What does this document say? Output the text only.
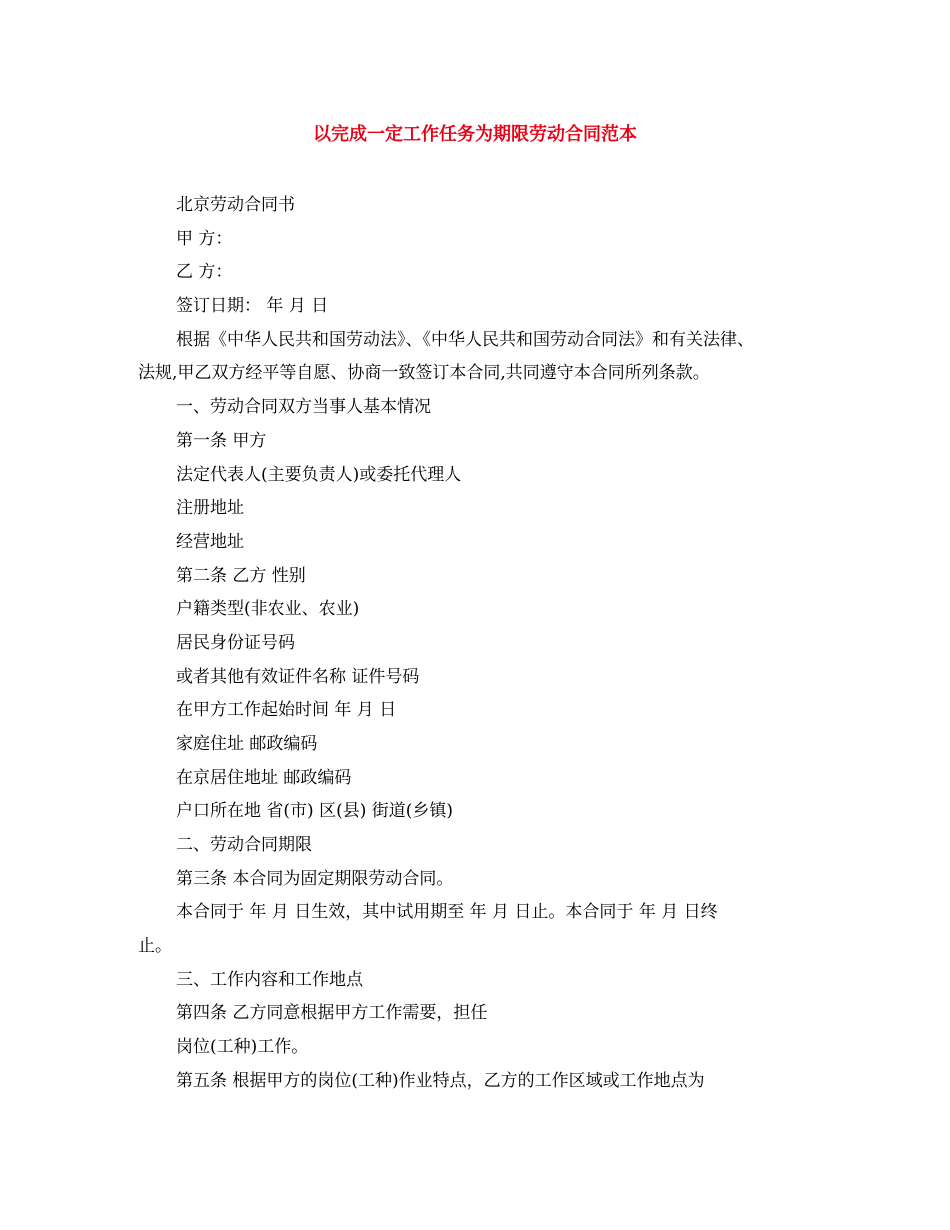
以完成一定工作任务为期限劳动合同范本
北京劳动合同书
甲 方：
乙 方：
签订日期： 年 月 日
根据《中华人民共和国劳动法》、《中华人民共和国劳动合同法》和有关法律、
法规,甲乙双方经平等自愿、协商一致签订本合同,共同遵守本合同所列条款。
一、劳动合同双方当事人基本情况
第一条 甲方
法定代表人(主要负责人)或委托代理人
注册地址
经营地址
第二条 乙方 性别
户籍类型(非农业、农业)
居民身份证号码
或者其他有效证件名称 证件号码
在甲方工作起始时间 年 月 日
家庭住址 邮政编码
在京居住地址 邮政编码
户口所在地 省(市) 区(县) 街道(乡镇)
二、劳动合同期限
第三条 本合同为固定期限劳动合同。
本合同于 年 月 日生效，其中试用期至 年 月 日止。本合同于 年 月 日终
止。
三、工作内容和工作地点
第四条 乙方同意根据甲方工作需要，担任
岗位(工种)工作。
第五条 根据甲方的岗位(工种)作业特点，乙方的工作区域或工作地点为
